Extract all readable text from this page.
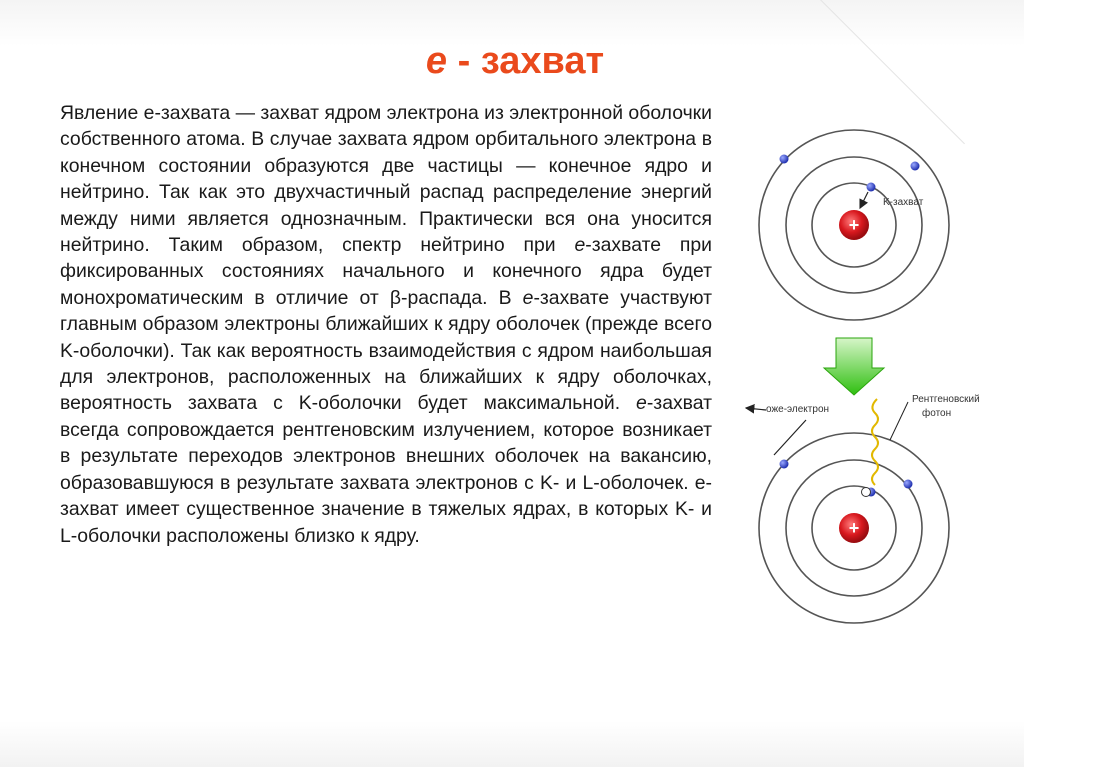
е - захват

Явление е-захвата — захват ядром электрона из электронной оболочки собственного атома. В случае захвата ядром орбитального электрона в конечном состоянии образуются две частицы — конечное ядро и нейтрино. Так как это двухчастичный распад распределение энергий между ними является однозначным. Практически вся она уносится нейтрино. Таким образом, спектр нейтрино при е-захвате при фиксированных состояниях начального и конечного ядра будет монохроматическим в отличие от β-распада. В е-захвате участвуют главным образом электроны ближайших к ядру оболочек (прежде всего K-оболочки). Так как вероятность взаимодействия с ядром наибольшая для электронов, расположенных на ближайших к ядру оболочках, вероятность захвата с K-оболочки будет максимальной. е-захват всегда сопровождается рентгеновским излучением, которое возникает в результате переходов электронов внешних оболочек на вакансию, образовавшуюся в результате захвата электронов с K- и L-оболочек. е-захват имеет существенное значение в тяжелых ядрах, в которых K- и L-оболочки расположены близко к ядру.

+
K-захват
+
оже-электрон
Рентгеновский
фотон
